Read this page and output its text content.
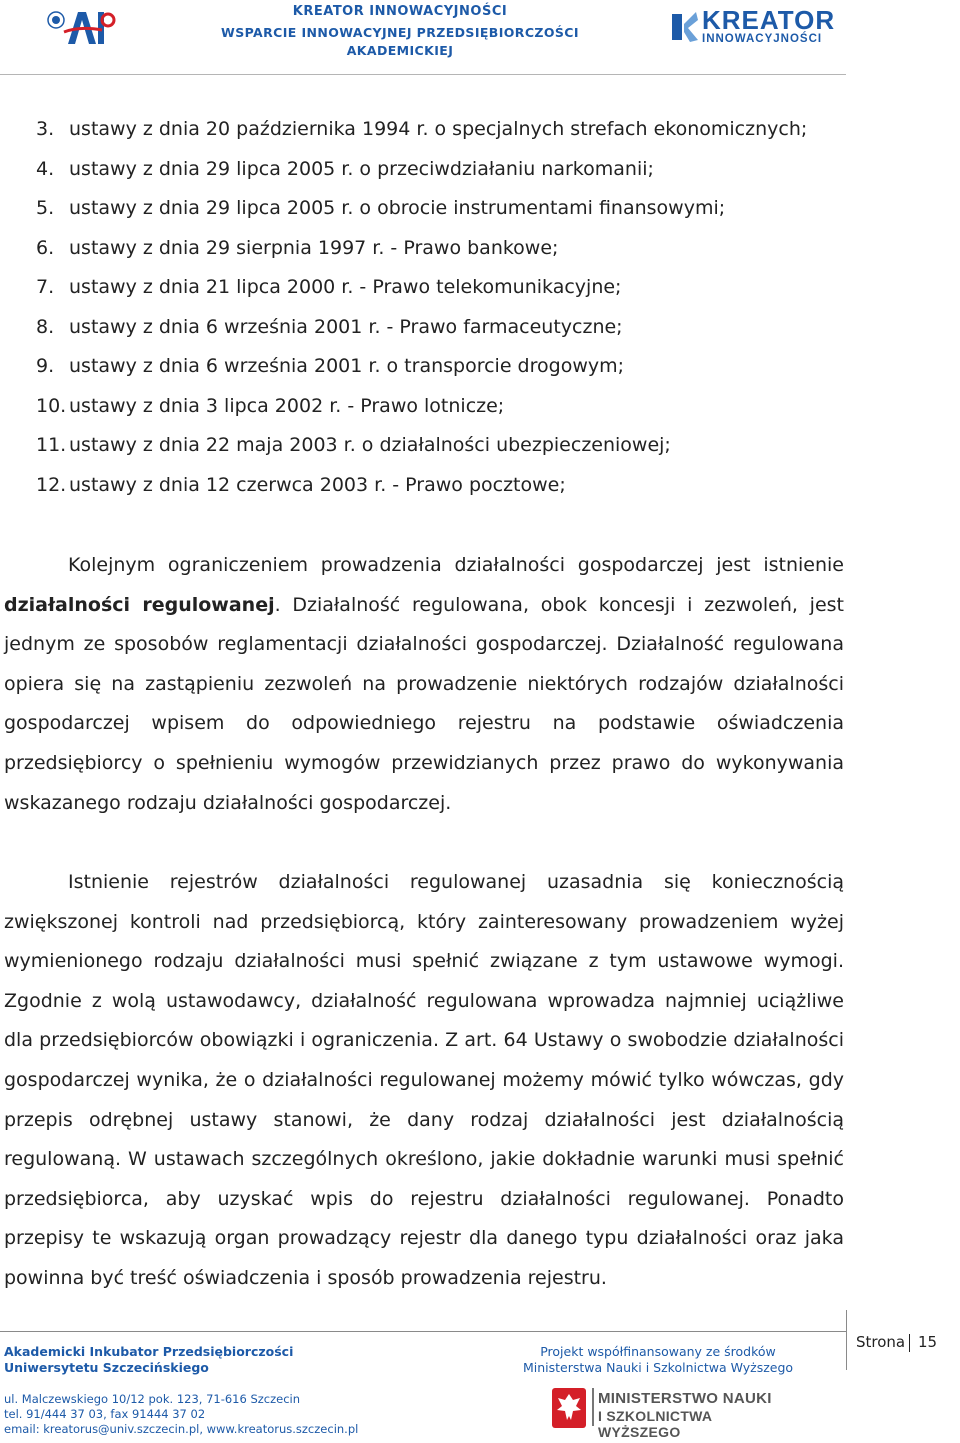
KREATOR INNOWACYJNOŚCI
WSPARCIE INNOWACYJNEJ PRZEDSIĘBIORCZOŚCI AKADEMICKIEJ
KREATOR
INNOWACYJNOŚCI
3. ustawy z dnia 20 października 1994 r. o specjalnych strefach ekonomicznych;
4. ustawy z dnia 29 lipca 2005 r. o przeciwdziałaniu narkomanii;
5. ustawy z dnia 29 lipca 2005 r. o obrocie instrumentami finansowymi;
6. ustawy z dnia 29 sierpnia 1997 r. - Prawo bankowe;
7. ustawy z dnia 21 lipca 2000 r. - Prawo telekomunikacyjne;
8. ustawy z dnia 6 września 2001 r. - Prawo farmaceutyczne;
9. ustawy z dnia 6 września 2001 r. o transporcie drogowym;
10. ustawy z dnia 3 lipca 2002 r. - Prawo lotnicze;
11. ustawy z dnia 22 maja 2003 r. o działalności ubezpieczeniowej;
12. ustawy z dnia 12 czerwca 2003 r. - Prawo pocztowe;
Kolejnym ograniczeniem prowadzenia działalności gospodarczej jest istnienie działalności regulowanej. Działalność regulowana, obok koncesji i zezwoleń, jest jednym ze sposobów reglamentacji działalności gospodarczej. Działalność regulowana opiera się na zastąpieniu zezwoleń na prowadzenie niektórych rodzajów działalności gospodarczej wpisem do odpowiedniego rejestru na podstawie oświadczenia przedsiębiorcy o spełnieniu wymogów przewidzianych przez prawo do wykonywania wskazanego rodzaju działalności gospodarczej.
Istnienie rejestrów działalności regulowanej uzasadnia się koniecznością zwiększonej kontroli nad przedsiębiorcą, który zainteresowany prowadzeniem wyżej wymienionego rodzaju działalności musi spełnić związane z tym ustawowe wymogi. Zgodnie z wolą ustawodawcy, działalność regulowana wprowadza najmniej uciążliwe dla przedsiębiorców obowiązki i ograniczenia. Z art. 64 Ustawy o swobodzie działalności gospodarczej wynika, że o działalności regulowanej możemy mówić tylko wówczas, gdy przepis odrębnej ustawy stanowi, że dany rodzaj działalności jest działalnością regulowaną. W ustawach szczególnych określono, jakie dokładnie warunki musi spełnić przedsiębiorca, aby uzyskać wpis do rejestru działalności regulowanej. Ponadto przepisy te wskazują organ prowadzący rejestr dla danego typu działalności oraz jaka powinna być treść oświadczenia i sposób prowadzenia rejestru.
Strona 15
Akademicki Inkubator Przedsiębiorczości
Uniwersytetu Szczecińskiego
ul. Malczewskiego 10/12 pok. 123, 71-616 Szczecin
tel. 91/444 37 03, fax 91444 37 02
email: kreatorus@univ.szczecin.pl, www.kreatorus.szczecin.pl
Projekt współfinansowany ze środków
Ministerstwa Nauki i Szkolnictwa Wyższego
MINISTERSTWO NAUKI
I SZKOLNICTWA WYŻSZEGO
